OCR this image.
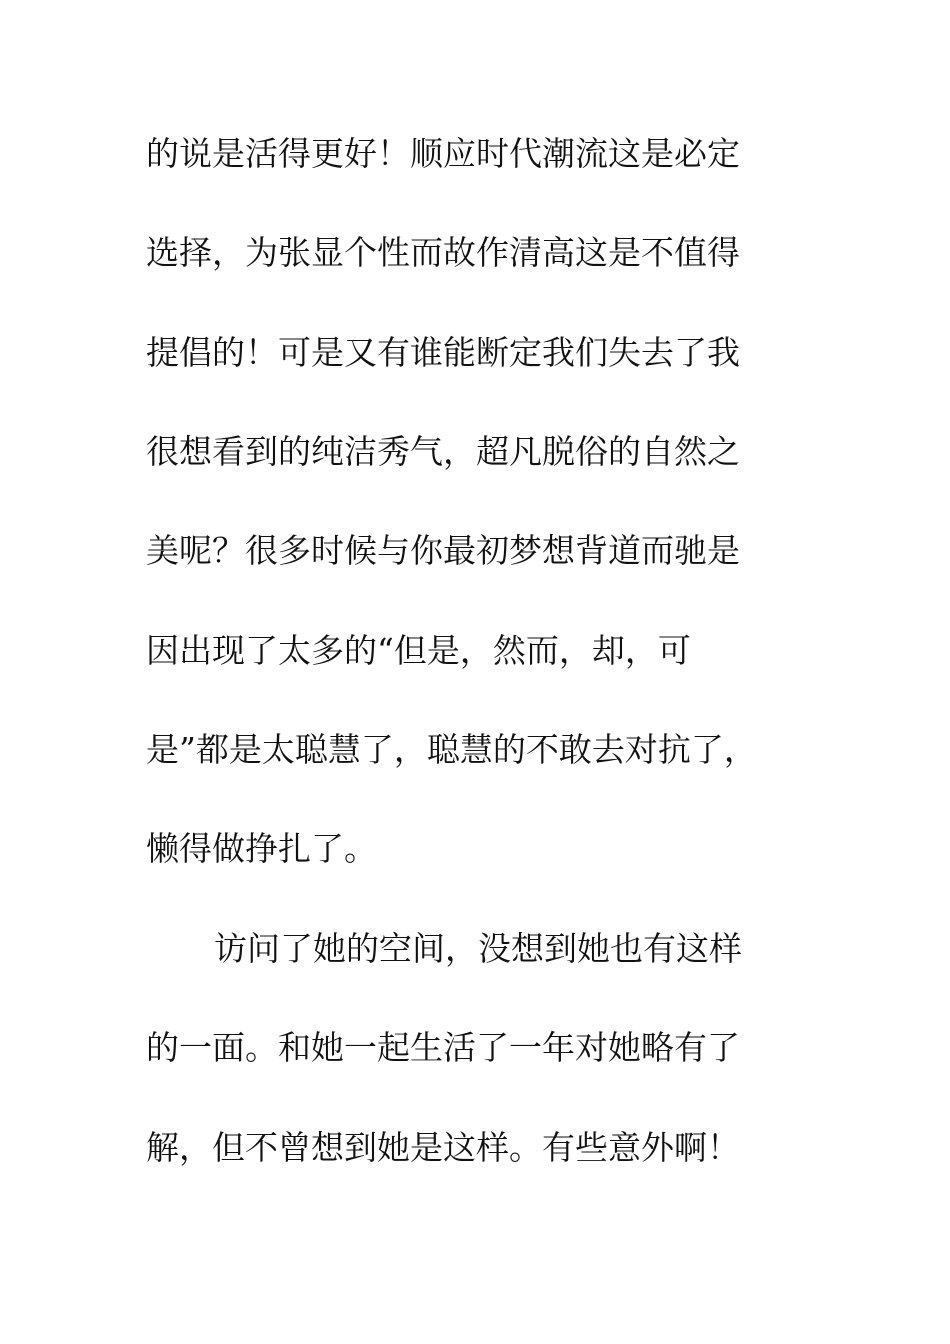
的说是活得更好！顺应时代潮流这是必定

选择，为张显个性而故作清高这是不值得

提倡的！可是又有谁能断定我们失去了我

很想看到的纯洁秀气，超凡脱俗的自然之

美呢？很多时候与你最初梦想背道而驰是

因出现了太多的“但是，然而，却，可

是”都是太聪慧了，聪慧的不敢去对抗了，

懒得做挣扎了。

访问了她的空间，没想到她也有这样

的一面。和她一起生活了一年对她略有了

解，但不曾想到她是这样。有些意外啊！
